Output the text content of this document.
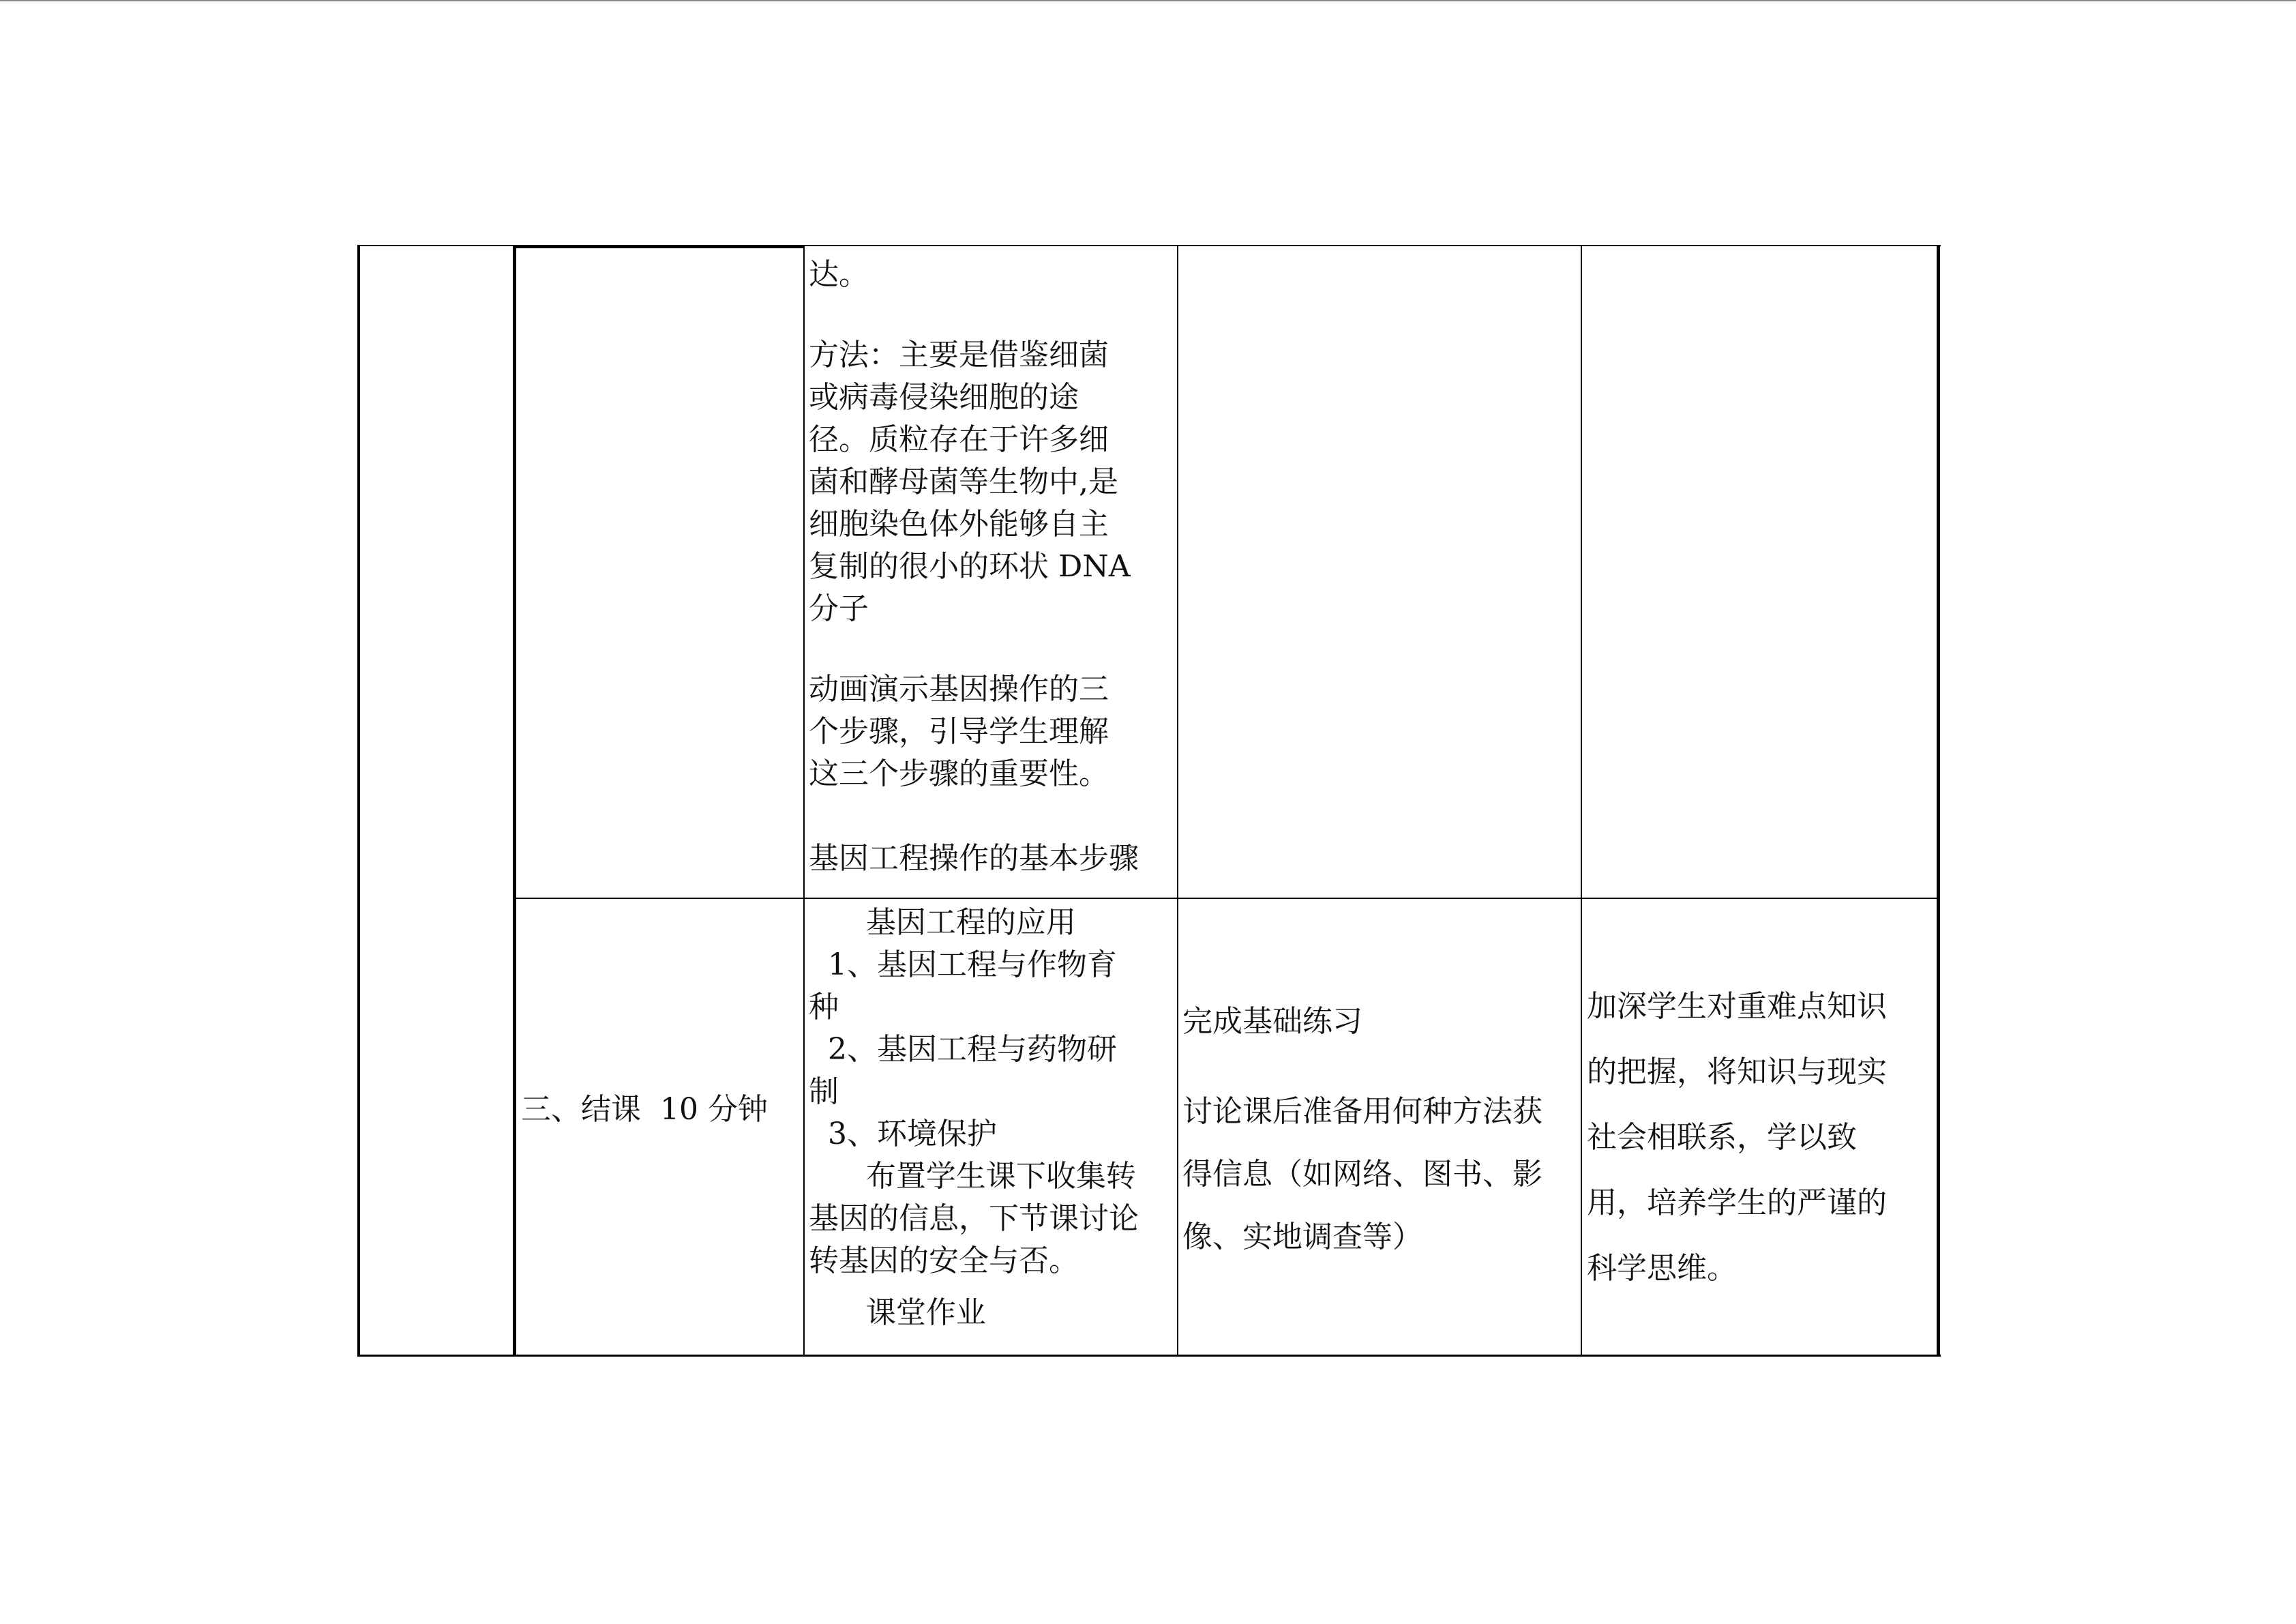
达。

方法：主要是借鉴细菌

或病毒侵染细胞的途

径。质粒存在于许多细

菌和酵母菌等生物中,是

细胞染色体外能够自主

复制的很小的环状 DNA

分子

动画演示基因操作的三

个步骤，引导学生理解

这三个步骤的重要性。

基因工程操作的基本步骤

三、结课  10 分钟

基因工程的应用

1、基因工程与作物育

种

2、基因工程与药物研

制

3、环境保护

布置学生课下收集转

基因的信息，下节课讨论

转基因的安全与否。

课堂作业

完成基础练习

讨论课后准备用何种方法获

得信息（如网络、图书、影

像、实地调查等）

加深学生对重难点知识

的把握，将知识与现实

社会相联系，学以致

用，培养学生的严谨的

科学思维。
